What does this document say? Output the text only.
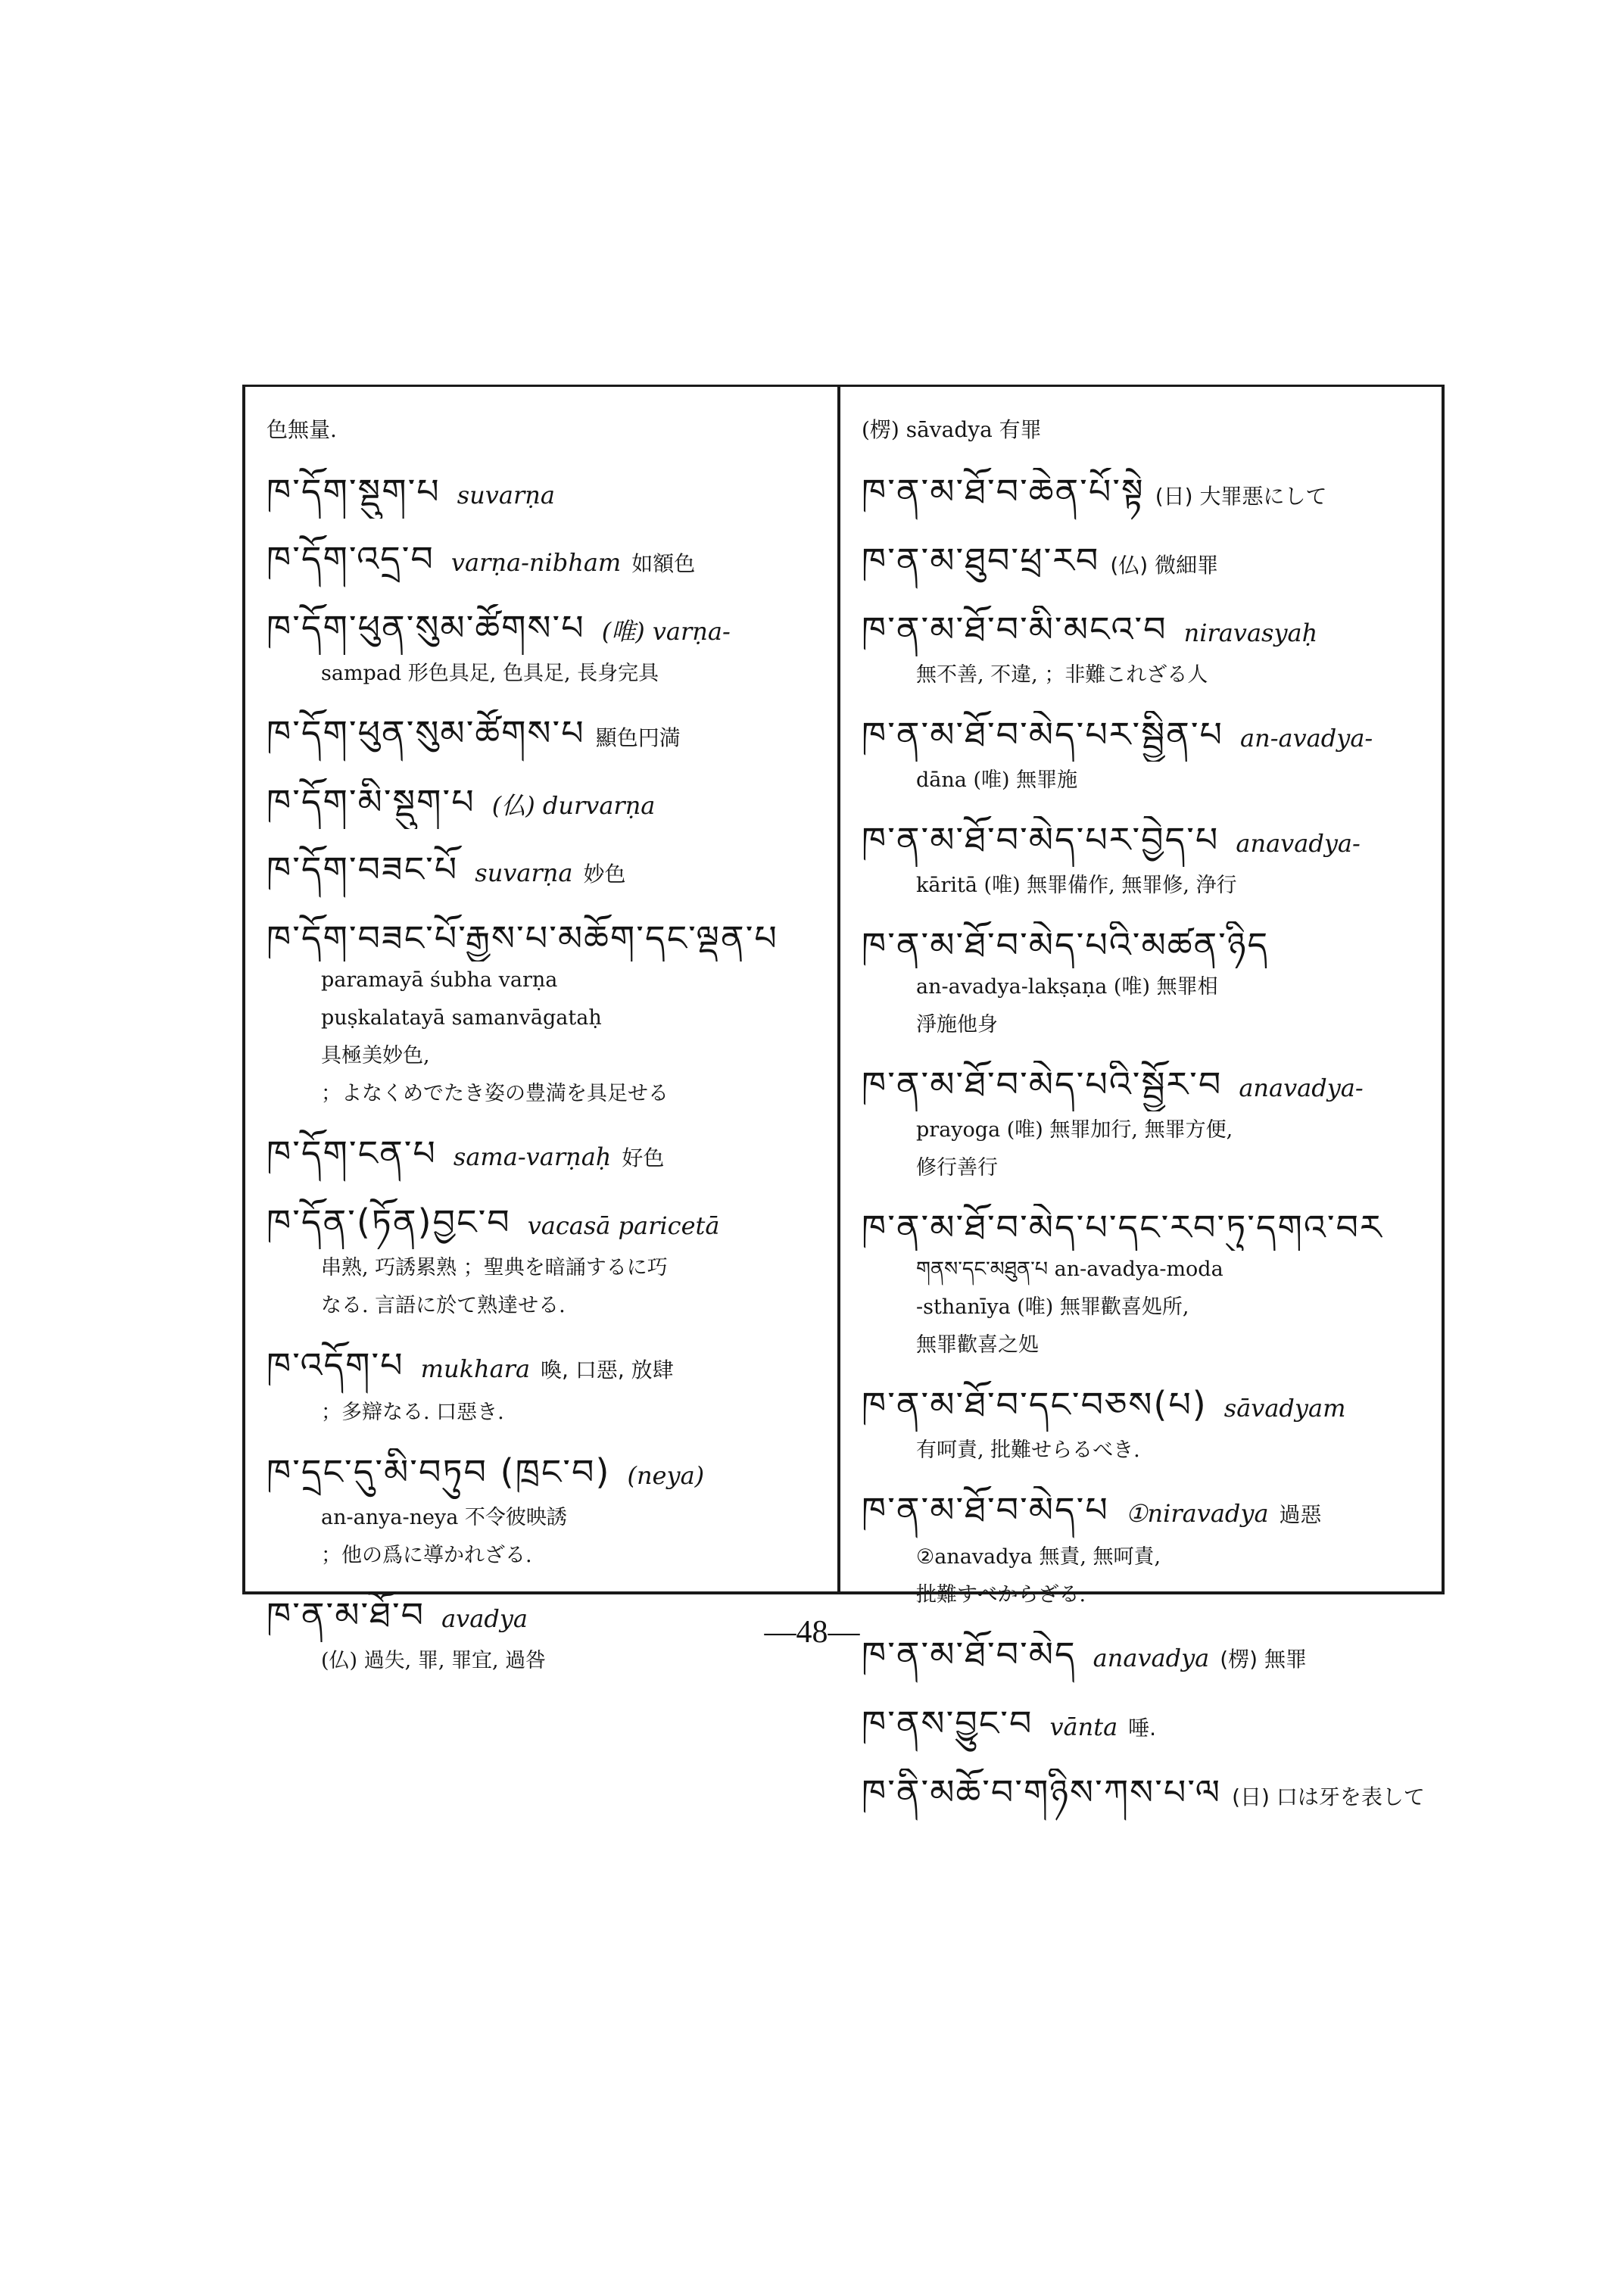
色無量.
ཁ་དོག་སྡུག་པ suvarṇa
ཁ་དོག་འདྲ་བ varṇa-nibham 如額色
ཁ་དོག་ཕུན་སུམ་ཚོགས་པ (唯) varṇa-
sampad 形色具足, 色具足, 長身完具
ཁ་དོག་ཕུན་སུམ་ཚོགས་པ 顯色円満
ཁ་དོག་མི་སྡུག་པ (仏) durvarṇa
ཁ་དོག་བཟང་པོ suvarṇa 妙色
ཁ་དོག་བཟང་པོ་རྒྱས་པ་མཆོག་དང་ལྡན་པ
paramayā śubha varṇa
puṣkalatayā samanvāgataḥ
具極美妙色,
；よなくめでたき姿の豊満を具足せる
ཁ་དོག་ངན་པ sama-varṇaḥ 好色
ཁ་དོན་(ཏོན)བྱང་བ vacasā paricetā
串熟, 巧誘累熟 ；聖典を暗誦するに巧
なる. 言語に於て熟達せる.
ཁ་འདོག་པ mukhara 喚, 口惡, 放肆
；多辯なる. 口惡き.
ཁ་དྲང་དུ་མི་བཏུབ (ཁྲང་བ) (neya)
an-anya-neya 不令彼映誘
；他の爲に導かれざる.
ཁ་ན་མ་ཐོ་བ avadya
(仏) 過失, 罪, 罪宜, 過咎
(楞) sāvadya 有罪
ཁ་ན་མ་ཐོ་བ་ཆེན་པོ་སྟེ (日) 大罪悪にして
ཁ་ན་མ་ཐུབ་ཕྲ་རབ (仏) 微細罪
ཁ་ན་མ་ཐོ་བ་མི་མངའ་བ niravasyaḥ
無不善, 不違, ；非難これざる人
ཁ་ན་མ་ཐོ་བ་མེད་པར་སྦྱིན་པ an-avadya-
dāna (唯) 無罪施
ཁ་ན་མ་ཐོ་བ་མེད་པར་བྱེད་པ anavadya-
kāritā (唯) 無罪備作, 無罪修, 浄行
ཁ་ན་མ་ཐོ་བ་མེད་པའི་མཚན་ཉིད
an-avadya-lakṣaṇa (唯) 無罪相
淨施他身
ཁ་ན་མ་ཐོ་བ་མེད་པའི་སྦྱོར་བ anavadya-
prayoga (唯) 無罪加行, 無罪方便,
修行善行
ཁ་ན་མ་ཐོ་བ་མེད་པ་དང་རབ་ཏུ་དགའ་བར
གནས་དང་མཐུན་པ an-avadya-moda
-sthanīya (唯) 無罪歡喜処所,
無罪歡喜之処
ཁ་ན་མ་ཐོ་བ་དང་བཅས(པ) sāvadyam
有呵責, 批難せらるべき.
ཁ་ན་མ་ཐོ་བ་མེད་པ ①niravadya 過惡
②anavadya 無責, 無呵責,
批難すべからざる.
ཁ་ན་མ་ཐོ་བ་མེད anavadya (楞) 無罪
ཁ་ནས་བྱུང་བ vānta 唾.
ཁ་ནི་མཆོ་བ་གཉིས་ཀས་པ་ལ (日) 口は牙を表して
—48—
